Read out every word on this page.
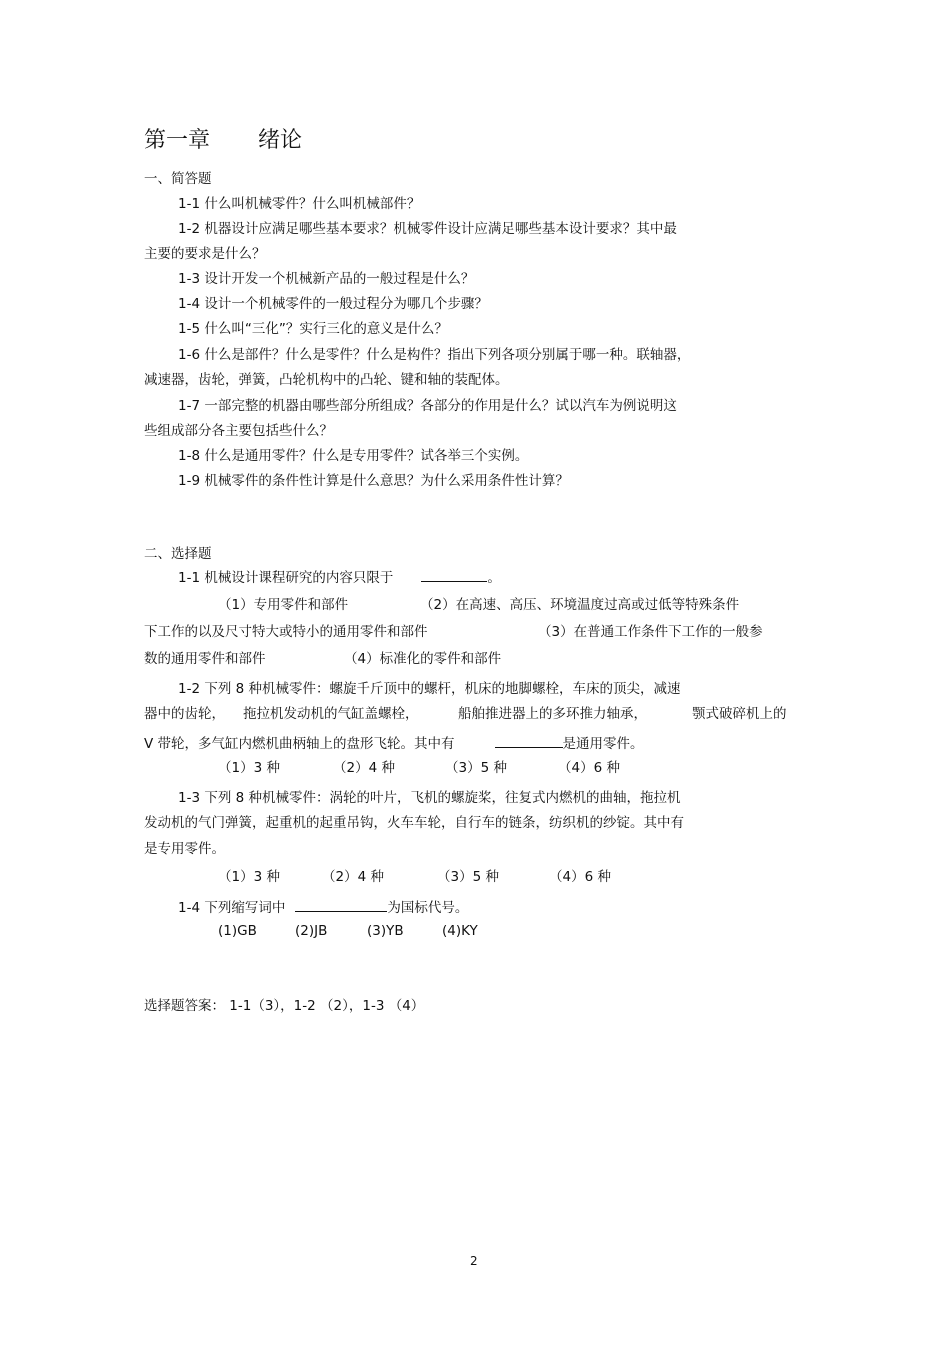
第一章 绪论
一、简答题
1-1 什么叫机械零件？什么叫机械部件？
1-2 机器设计应满足哪些基本要求？机械零件设计应满足哪些基本设计要求？其中最
主要的要求是什么？
1-3 设计开发一个机械新产品的一般过程是什么？
1-4 设计一个机械零件的一般过程分为哪几个步骤？
1-5 什么叫“三化”？实行三化的意义是什么？
1-6 什么是部件？什么是零件？什么是构件？指出下列各项分别属于哪一种。联轴器，
减速器，齿轮，弹簧，凸轮机构中的凸轮、键和轴的装配体。
1-7 一部完整的机器由哪些部分所组成？各部分的作用是什么？试以汽车为例说明这
些组成部分各主要包括些什么？
1-8 什么是通用零件？什么是专用零件？试各举三个实例。
1-9 机械零件的条件性计算是什么意思？为什么采用条件性计算？
二、选择题
1-1 机械设计课程研究的内容只限于	。
（1）专用零件和部件	（2）在高速、高压、环境温度过高或过低等特殊条件
下工作的以及尺寸特大或特小的通用零件和部件	（3）在普通工作条件下工作的一般参
数的通用零件和部件	（4）标准化的零件和部件
1-2 下列 8 种机械零件：螺旋千斤顶中的螺杆，机床的地脚螺栓，车床的顶尖，减速
器中的齿轮， 拖拉机发动机的气缸盖螺栓，	船舶推进器上的多环推力轴承，	颚式破碎机上的
V 带轮，多气缸内燃机曲柄轴上的盘形飞轮。其中有	是通用零件。
（1）3 种	（2）4 种	（3）5 种	（4）6 种
1-3 下列 8 种机械零件：涡轮的叶片，飞机的螺旋桨，往复式内燃机的曲轴，拖拉机
发动机的气门弹簧，起重机的起重吊钩，火车车轮，自行车的链条，纺织机的纱锭。其中有
是专用零件。
（1）3 种	（2）4 种	（3）5 种	（4）6 种
1-4 下列缩写词中	为国标代号。
(1)GB	(2)JB	(3)YB	(4)KY
选择题答案： 1-1（3），1-2 （2），1-3 （4）
2
